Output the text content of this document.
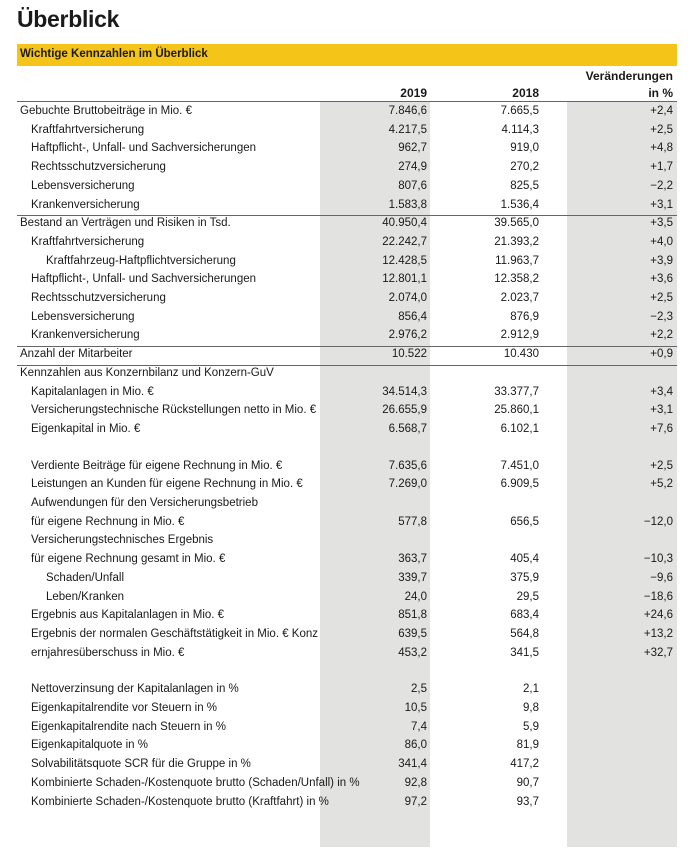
Überblick
Wichtige Kennzahlen im Überblick
2019	2018
Veränderungen
in %
Gebuchte Bruttobeiträge in Mio. €	7.846,6	7.665,5	+2,4
Kraftfahrtversicherung	4.217,5	4.114,3	+2,5
Haftpflicht-, Unfall- und Sachversicherungen	962,7	919,0	+4,8
Rechtsschutzversicherung	274,9	270,2	+1,7
Lebensversicherung	807,6	825,5	−2,2
Krankenversicherung	1.583,8	1.536,4	+3,1
Bestand an Verträgen und Risiken in Tsd.	40.950,4	39.565,0	+3,5
Kraftfahrtversicherung	22.242,7	21.393,2	+4,0
Kraftfahrzeug-Haftpflichtversicherung	12.428,5	11.963,7	+3,9
Haftpflicht-, Unfall- und Sachversicherungen	12.801,1	12.358,2	+3,6
Rechtsschutzversicherung	2.074,0	2.023,7	+2,5
Lebensversicherung	856,4	876,9	−2,3
Krankenversicherung	2.976,2	2.912,9	+2,2
Anzahl der Mitarbeiter	10.522	10.430	+0,9
Kennzahlen aus Konzernbilanz und Konzern-GuV
Kapitalanlagen in Mio. €	34.514,3	33.377,7	+3,4
Versicherungstechnische Rückstellungen netto in Mio. €	26.655,9	25.860,1	+3,1
Eigenkapital in Mio. €	6.568,7	6.102,1	+7,6
Verdiente Beiträge für eigene Rechnung in Mio. €	7.635,6	7.451,0	+2,5
Leistungen an Kunden für eigene Rechnung in Mio. €	7.269,0	6.909,5	+5,2
Aufwendungen für den Versicherungsbetrieb
für eigene Rechnung in Mio. €	577,8	656,5	−12,0
Versicherungstechnisches Ergebnis
für eigene Rechnung gesamt in Mio. €	363,7	405,4	−10,3
Schaden/Unfall	339,7	375,9	−9,6
Leben/Kranken	24,0	29,5	−18,6
Ergebnis aus Kapitalanlagen in Mio. €	851,8	683,4	+24,6
Ergebnis der normalen Geschäftstätigkeit in Mio. € Konz	639,5	564,8	+13,2
ernjahresüberschuss in Mio. €	453,2	341,5	+32,7
Nettoverzinsung der Kapitalanlagen in %	2,5	2,1
Eigenkapitalrendite vor Steuern in %	10,5	9,8
Eigenkapitalrendite nach Steuern in %	7,4	5,9
Eigenkapitalquote in %	86,0	81,9
Solvabilitätsquote SCR für die Gruppe in %	341,4	417,2
Kombinierte Schaden-/Kostenquote brutto (Schaden/Unfall) in %	92,8	90,7
Kombinierte Schaden-/Kostenquote brutto (Kraftfahrt) in %	97,2	93,7
